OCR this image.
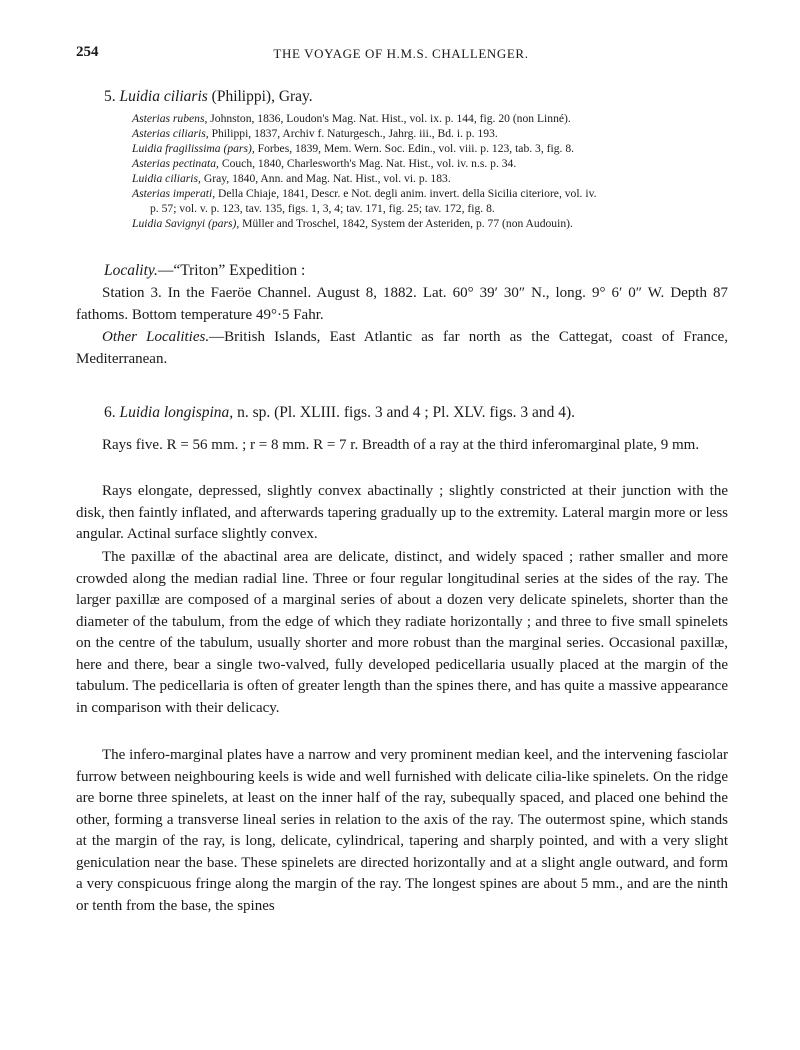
254	THE VOYAGE OF H.M.S. CHALLENGER.
5. Luidia ciliaris (Philippi), Gray.
Asterias rubens, Johnston, 1836, Loudon's Mag. Nat. Hist., vol. ix. p. 144, fig. 20 (non Linné).
Asterias ciliaris, Philippi, 1837, Archiv f. Naturgesch., Jahrg. iii., Bd. i. p. 193.
Luidia fragilissima (pars), Forbes, 1839, Mem. Wern. Soc. Edin., vol. viii. p. 123, tab. 3, fig. 8.
Asterias pectinata, Couch, 1840, Charlesworth's Mag. Nat. Hist., vol. iv. n.s. p. 34.
Luidia ciliaris, Gray, 1840, Ann. and Mag. Nat. Hist., vol. vi. p. 183.
Asterias imperati, Della Chiaje, 1841, Descr. e Not. degli anim. invert. della Sicilia citeriore, vol. iv.
p. 57; vol. v. p. 123, tav. 135, figs. 1, 3, 4; tav. 171, fig. 25; tav. 172, fig. 8.
Luidia Savignyi (pars), Müller and Troschel, 1842, System der Asteriden, p. 77 (non Audouin).
Locality.—“Triton” Expedition :

Station 3. In the Faeröe Channel. August 8, 1882. Lat. 60° 39′ 30″ N., long. 9° 6′ 0″ W. Depth 87 fathoms. Bottom temperature 49°·5 Fahr.

Other Localities.—British Islands, East Atlantic as far north as the Cattegat, coast of France, Mediterranean.

6. Luidia longispina, n. sp. (Pl. XLIII. figs. 3 and 4 ; Pl. XLV. figs. 3 and 4).

Rays five. R = 56 mm. ; r = 8 mm. R = 7 r. Breadth of a ray at the third inferomarginal plate, 9 mm.

Rays elongate, depressed, slightly convex abactinally ; slightly constricted at their junction with the disk, then faintly inflated, and afterwards tapering gradually up to the extremity. Lateral margin more or less angular. Actinal surface slightly convex.

The paxillæ of the abactinal area are delicate, distinct, and widely spaced ; rather smaller and more crowded along the median radial line. Three or four regular longitudinal series at the sides of the ray. The larger paxillæ are composed of a marginal series of about a dozen very delicate spinelets, shorter than the diameter of the tabulum, from the edge of which they radiate horizontally ; and three to five small spinelets on the centre of the tabulum, usually shorter and more robust than the marginal series. Occasional paxillæ, here and there, bear a single two-valved, fully developed pedicellaria usually placed at the margin of the tabulum. The pedicellaria is often of greater length than the spines there, and has quite a massive appearance in comparison with their delicacy.

The infero-marginal plates have a narrow and very prominent median keel, and the intervening fasciolar furrow between neighbouring keels is wide and well furnished with delicate cilia-like spinelets. On the ridge are borne three spinelets, at least on the inner half of the ray, subequally spaced, and placed one behind the other, forming a transverse lineal series in relation to the axis of the ray. The outermost spine, which stands at the margin of the ray, is long, delicate, cylindrical, tapering and sharply pointed, and with a very slight geniculation near the base. These spinelets are directed horizontally and at a slight angle outward, and form a very conspicuous fringe along the margin of the ray. The longest spines are about 5 mm., and are the ninth or tenth from the base, the spines
